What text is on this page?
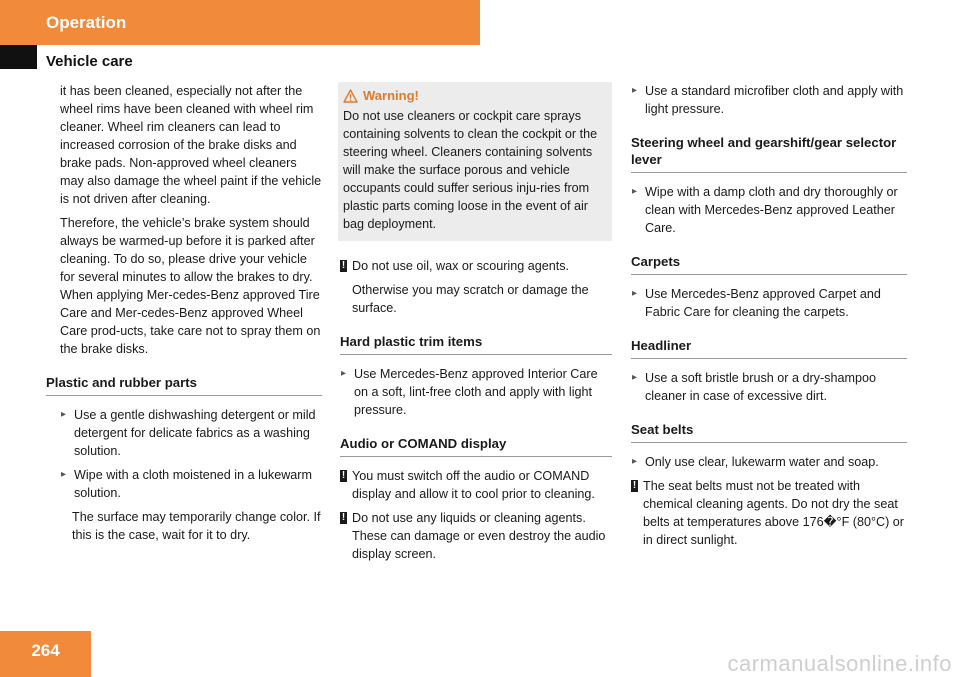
Operation
Vehicle care

it has been cleaned, especially not after the wheel rims have been cleaned with wheel rim cleaner. Wheel rim cleaners can lead to increased corrosion of the brake disks and brake pads. Non-approved wheel cleaners may also damage the wheel paint if the vehicle is not driven after cleaning.

Therefore, the vehicle’s brake system should always be warmed-up before it is parked after cleaning. To do so, please drive your vehicle for several minutes to allow the brakes to dry. When applying Mer-cedes-Benz approved Tire Care and Mer-cedes-Benz approved Wheel Care prod-ucts, take care not to spray them on the brake disks.

Plastic and rubber parts
▶ Use a gentle dishwashing detergent or mild detergent for delicate fabrics as a washing solution.
▶ Wipe with a cloth moistened in a lukewarm solution.

The surface may temporarily change color. If this is the case, wait for it to dry.

Warning!

Do not use cleaners or cockpit care sprays containing solvents to clean the cockpit or the steering wheel. Cleaners containing solvents will make the surface porous and vehicle occupants could suffer serious inju-ries from plastic parts coming loose in the event of air bag deployment.

! Do not use oil, wax or scouring agents.

Otherwise you may scratch or damage the surface.

Hard plastic trim items
▶ Use Mercedes-Benz approved Interior Care on a soft, lint-free cloth and apply with light pressure.
Audio or COMAND display
! You must switch off the audio or COMAND display and allow it to cool prior to cleaning.
! Do not use any liquids or cleaning agents. These can damage or even destroy the audio display screen.
▶ Use a standard microfiber cloth and apply with light pressure.
Steering wheel and gearshift/gear selector lever
▶ Wipe with a damp cloth and dry thoroughly or clean with Mercedes-Benz approved Leather Care.
Carpets
▶ Use Mercedes-Benz approved Carpet and Fabric Care for cleaning the carpets.
Headliner
▶ Use a soft bristle brush or a dry-shampoo cleaner in case of excessive dirt.
Seat belts
▶ Only use clear, lukewarm water and soap.
! The seat belts must not be treated with chemical cleaning agents. Do not dry the seat belts at temperatures above 176�°F (80°C) or in direct sunlight.
264
carmanualsonline.info
